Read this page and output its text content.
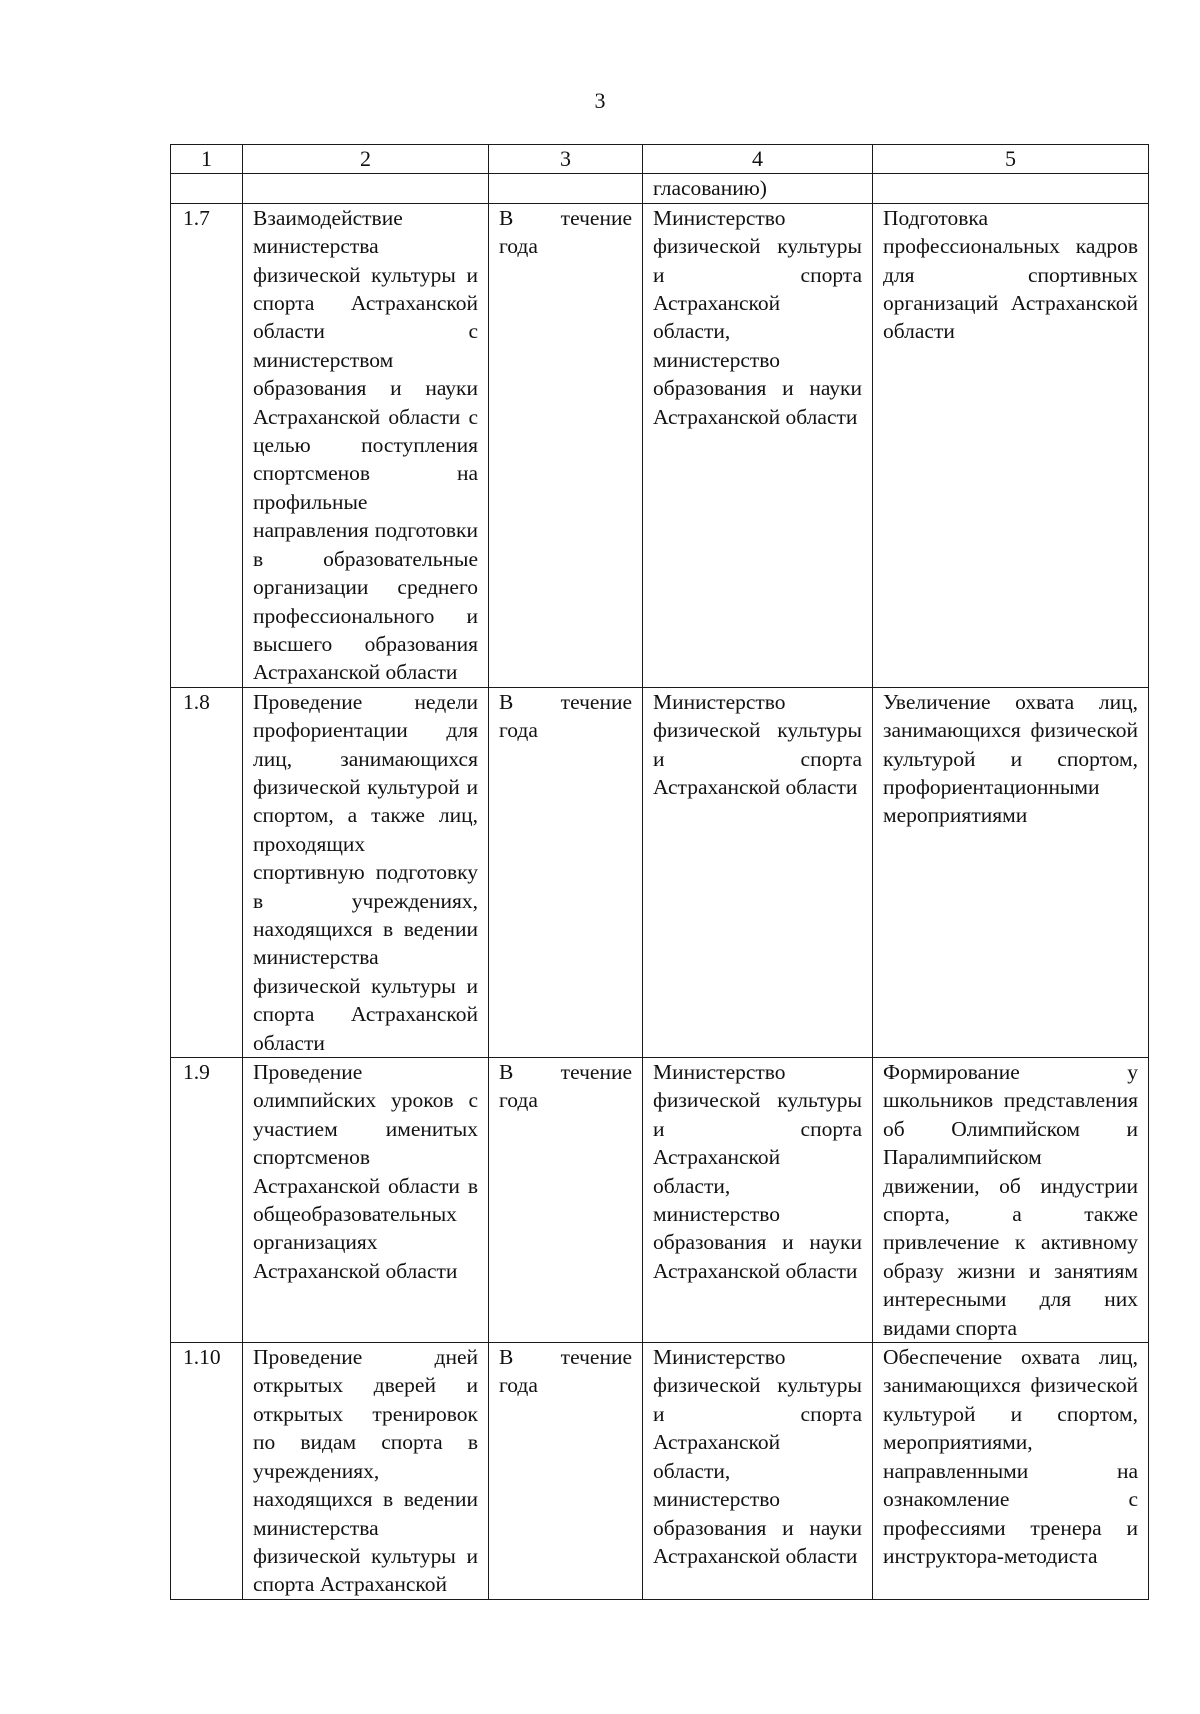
3
1	2	3	4	5
			гласованию)	
1.7	Взаимодействие министерства физической культуры и спорта Астраханской области с министерством образования и науки Астраханской области с целью поступления спортсменов на профильные направления подготовки в образовательные организации среднего профессионального и высшего образования Астраханской области	В течение года	Министерство физической культуры и спорта Астраханской области, министерство образования и науки Астраханской области	Подготовка профессиональных кадров для спортивных организаций Астраханской области
1.8	Проведение недели профориентации для лиц, занимающихся физической культурой и спортом, а также лиц, проходящих спортивную подготовку в учреждениях, находящихся в ведении министерства физической культуры и спорта Астраханской области	В течение года	Министерство физической культуры и спорта Астраханской области	Увеличение охвата лиц, занимающихся физической культурой и спортом, профориентационными мероприятиями
1.9	Проведение олимпийских уроков с участием именитых спортсменов Астраханской области в общеобразовательных организациях Астраханской области	В течение года	Министерство физической культуры и спорта Астраханской области, министерство образования и науки Астраханской области	Формирование у школьников представления об Олимпийском и Паралимпийском движении, об индустрии спорта, а также привлечение к активному образу жизни и занятиям интересными для них видами спорта
1.10	Проведение дней открытых дверей и открытых тренировок по видам спорта в учреждениях, находящихся в ведении министерства физической культуры и спорта Астраханской	В течение года	Министерство физической культуры и спорта Астраханской области, министерство образования и науки Астраханской области	Обеспечение охвата лиц, занимающихся физической культурой и спортом, мероприятиями, направленными на ознакомление с профессиями тренера и инструктора-методиста
